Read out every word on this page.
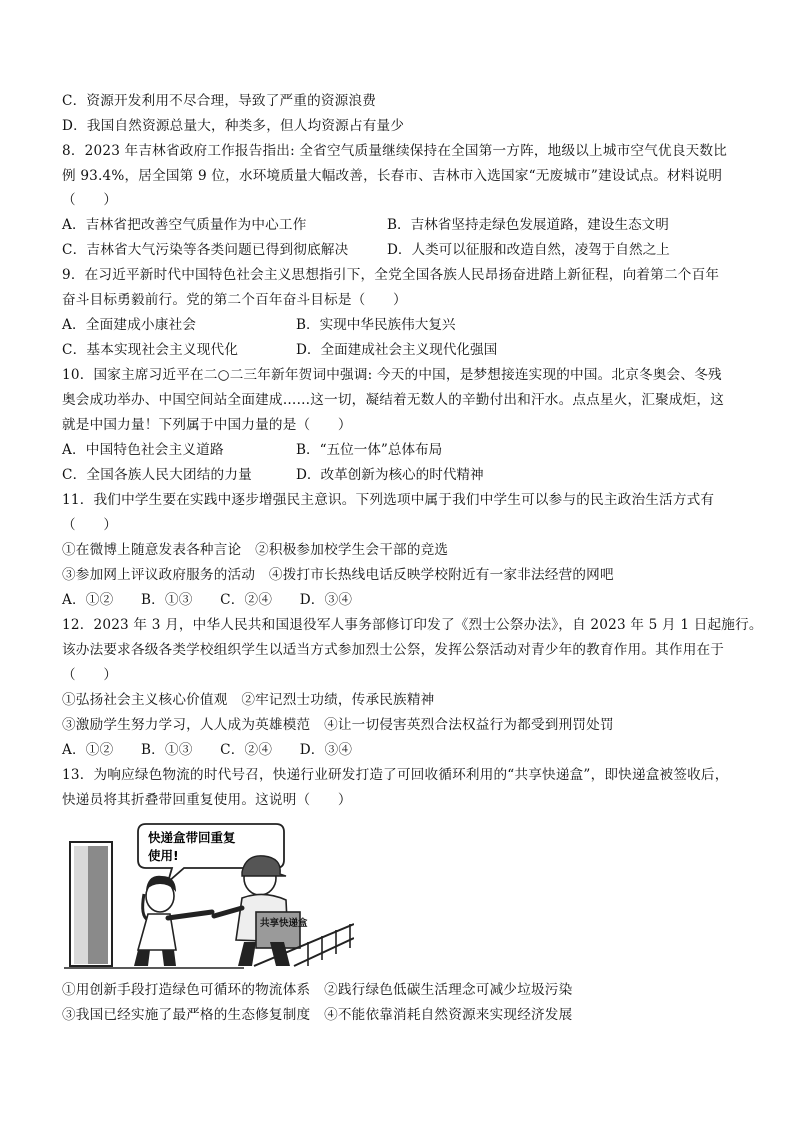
C．资源开发利用不尽合理，导致了严重的资源浪费
D．我国自然资源总量大，种类多，但人均资源占有量少
8．2023 年吉林省政府工作报告指出: 全省空气质量继续保持在全国第一方阵，地级以上城市空气优良天数比
例 93.4%，居全国第 9 位，水环境质量大幅改善，长春市、吉林市入选国家“无废城市”建设试点。材料说明
（　　）
A．吉林省把改善空气质量作为中心工作	B．吉林省坚持走绿色发展道路，建设生态文明
C．吉林省大气污染等各类问题已得到彻底解决	D．人类可以征服和改造自然，凌驾于自然之上
9．在习近平新时代中国特色社会主义思想指引下，全党全国各族人民昂扬奋进踏上新征程，向着第二个百年
奋斗目标勇毅前行。党的第二个百年奋斗目标是（　　）
A．全面建成小康社会	B．实现中华民族伟大复兴
C．基本实现社会主义现代化	D．全面建成社会主义现代化强国
10．国家主席习近平在二○二三年新年贺词中强调: 今天的中国，是梦想接连实现的中国。北京冬奥会、冬残
奥会成功举办、中国空间站全面建成……这一切，凝结着无数人的辛勤付出和汗水。点点星火，汇聚成炬，这
就是中国力量！下列属于中国力量的是（　　）
A．中国特色社会主义道路	B．“五位一体”总体布局
C．全国各族人民大团结的力量	D．改革创新为核心的时代精神
11．我们中学生要在实践中逐步增强民主意识。下列选项中属于我们中学生可以参与的民主政治生活方式有
（　　）
①在微博上随意发表各种言论　②积极参加校学生会干部的竞选
③参加网上评议政府服务的活动　④拨打市长热线电话反映学校附近有一家非法经营的网吧
A．①②　　B．①③　　C．②④　　D．③④
12．2023 年 3 月，中华人民共和国退役军人事务部修订印发了《烈士公祭办法》，自 2023 年 5 月 1 日起施行。
该办法要求各级各类学校组织学生以适当方式参加烈士公祭，发挥公祭活动对青少年的教育作用。其作用在于
（　　）
①弘扬社会主义核心价值观　②牢记烈士功绩，传承民族精神
③激励学生努力学习，人人成为英雄模范　④让一切侵害英烈合法权益行为都受到刑罚处罚
A．①②　　B．①③　　C．②④　　D．③④
13．为响应绿色物流的时代号召，快递行业研发打造了可回收循环利用的“共享快递盒”，即快递盒被签收后，
快递员将其折叠带回重复使用。这说明（　　）
快递盒带回重复
使用!
共享快递盒
①用创新手段打造绿色可循环的物流体系　②践行绿色低碳生活理念可减少垃圾污染
③我国已经实施了最严格的生态修复制度　④不能依靠消耗自然资源来实现经济发展
